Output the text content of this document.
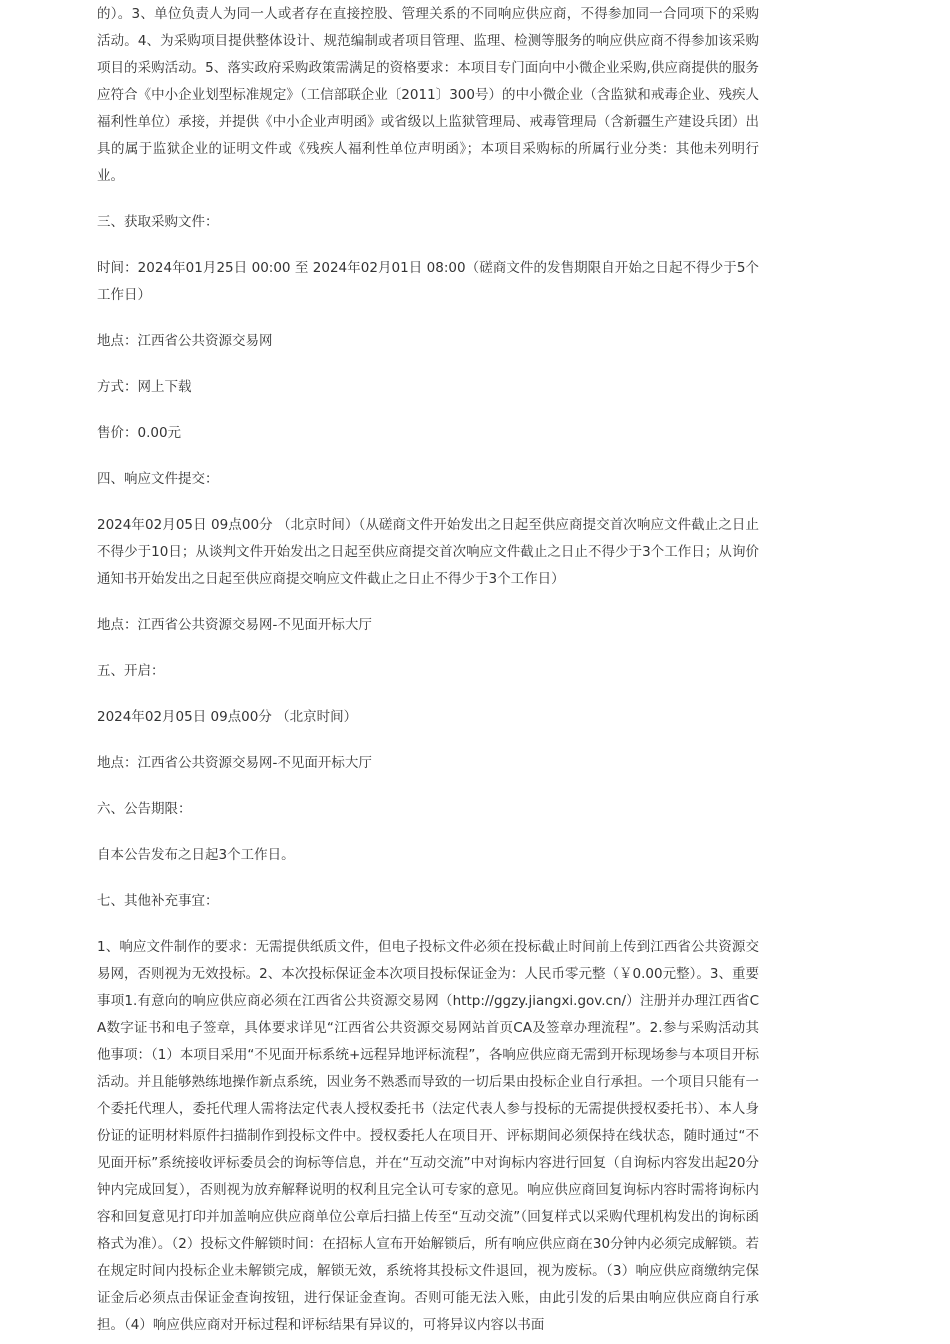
的）。3、单位负责人为同一人或者存在直接控股、管理关系的不同响应供应商，不得参加同一合同项下的采购活动。4、为采购项目提供整体设计、规范编制或者项目管理、监理、检测等服务的响应供应商不得参加该采购项目的采购活动。5、落实政府采购政策需满足的资格要求：本项目专门面向中小微企业采购,供应商提供的服务应符合《中小企业划型标准规定》（工信部联企业〔2011〕300号）的中小微企业（含监狱和戒毒企业、残疾人福利性单位）承接，并提供《中小企业声明函》或省级以上监狱管理局、戒毒管理局（含新疆生产建设兵团）出具的属于监狱企业的证明文件或《残疾人福利性单位声明函》；本项目采购标的所属行业分类：其他未列明行业。

三、获取采购文件：

时间：2024年01月25日 00:00 至 2024年02月01日 08:00（磋商文件的发售期限自开始之日起不得少于5个工作日）

地点：江西省公共资源交易网

方式：网上下载

售价：0.00元

四、响应文件提交：

2024年02月05日 09点00分 （北京时间）（从磋商文件开始发出之日起至供应商提交首次响应文件截止之日止不得少于10日；从谈判文件开始发出之日起至供应商提交首次响应文件截止之日止不得少于3个工作日；从询价通知书开始发出之日起至供应商提交响应文件截止之日止不得少于3个工作日）

地点：江西省公共资源交易网-不见面开标大厅

五、开启：

2024年02月05日 09点00分 （北京时间）

地点：江西省公共资源交易网-不见面开标大厅

六、公告期限：

自本公告发布之日起3个工作日。

七、其他补充事宜：

1、响应文件制作的要求：无需提供纸质文件，但电子投标文件必须在投标截止时间前上传到江西省公共资源交易网，否则视为无效投标。2、本次投标保证金本次项目投标保证金为：人民币零元整（￥0.00元整）。3、重要事项1.有意向的响应供应商必须在江西省公共资源交易网（http://ggzy.jiangxi.gov.cn/）注册并办理江西省CA数字证书和电子签章，具体要求详见“江西省公共资源交易网站首页CA及签章办理流程”。2.参与采购活动其他事项：（1）本项目采用“不见面开标系统+远程异地评标流程”，各响应供应商无需到开标现场参与本项目开标活动。并且能够熟练地操作新点系统，因业务不熟悉而导致的一切后果由投标企业自行承担。一个项目只能有一个委托代理人，委托代理人需将法定代表人授权委托书（法定代表人参与投标的无需提供授权委托书）、本人身份证的证明材料原件扫描制作到投标文件中。授权委托人在项目开、评标期间必须保持在线状态，随时通过“不见面开标”系统接收评标委员会的询标等信息，并在“互动交流”中对询标内容进行回复（自询标内容发出起20分钟内完成回复），否则视为放弃解释说明的权利且完全认可专家的意见。响应供应商回复询标内容时需将询标内容和回复意见打印并加盖响应供应商单位公章后扫描上传至“互动交流”（回复样式以采购代理机构发出的询标函格式为准）。（2）投标文件解锁时间：在招标人宣布开始解锁后，所有响应供应商在30分钟内必须完成解锁。若在规定时间内投标企业未解锁完成，解锁无效，系统将其投标文件退回，视为废标。（3）响应供应商缴纳完保证金后必须点击保证金查询按钮，进行保证金查询。否则可能无法入账，由此引发的后果由响应供应商自行承担。（4）响应供应商对开标过程和评标结果有异议的，可将异议内容以书面
